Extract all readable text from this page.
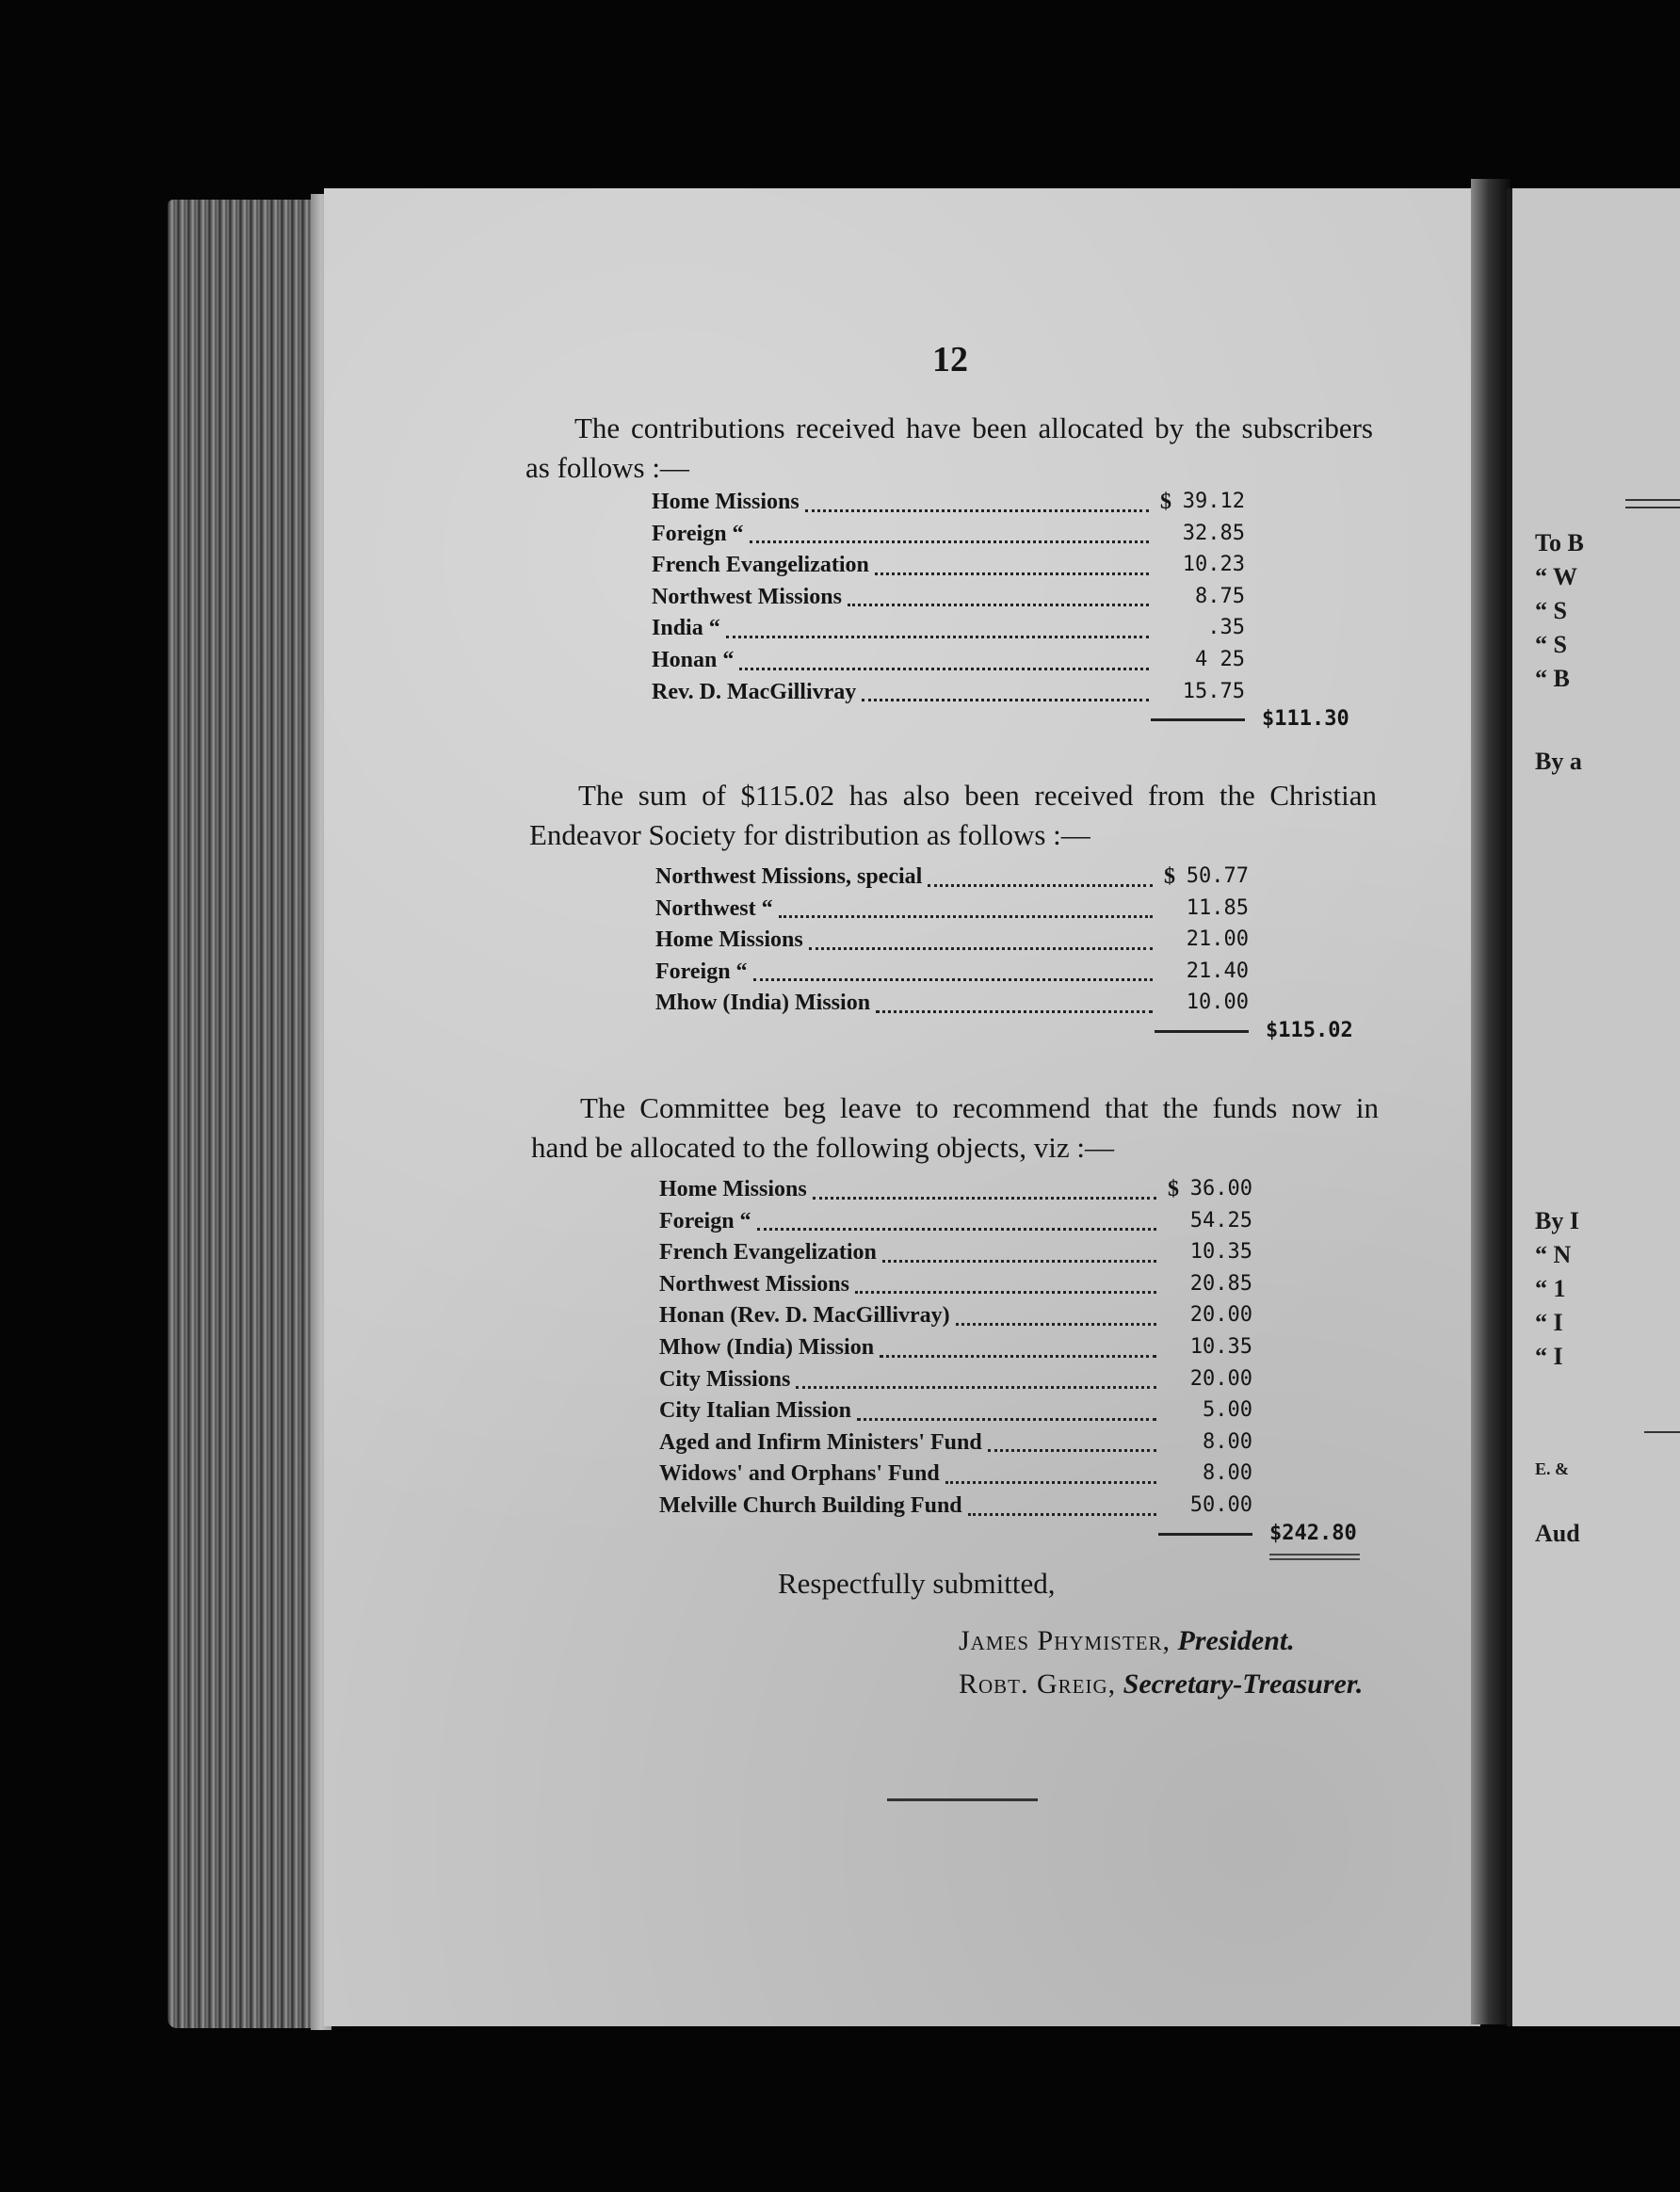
To B
“ W
“ S
“ S
“ B
By a
By I
“ N
“ 1
“ I
“ I
E. &
Aud
12
The contributions received have been allocated by the subscribers
as follows :—
Home Missions	$ 39.12
Foreign “	32.85
French Evangelization	10.23
Northwest Missions	8.75
India “	.35
Honan “	4 25
Rev. D. MacGillivray	15.75
$111.30
The sum of $115.02 has also been received from the Christian
Endeavor Society for distribution as follows :—
Northwest Missions, special	$ 50.77
Northwest “	11.85
Home Missions	21.00
Foreign “	21.40
Mhow (India) Mission	10.00
$115.02
The Committee beg leave to recommend that the funds now in
hand be allocated to the following objects, viz :—
Home Missions	$ 36.00
Foreign “	54.25
French Evangelization	10.35
Northwest Missions	20.85
Honan (Rev. D. MacGillivray)	20.00
Mhow (India) Mission	10.35
City Missions	20.00
City Italian Mission	5.00
Aged and Infirm Ministers' Fund	8.00
Widows' and Orphans' Fund	8.00
Melville Church Building Fund	50.00
$242.80
Respectfully submitted,
James Phymister, President.
Robt. Greig, Secretary-Treasurer.
